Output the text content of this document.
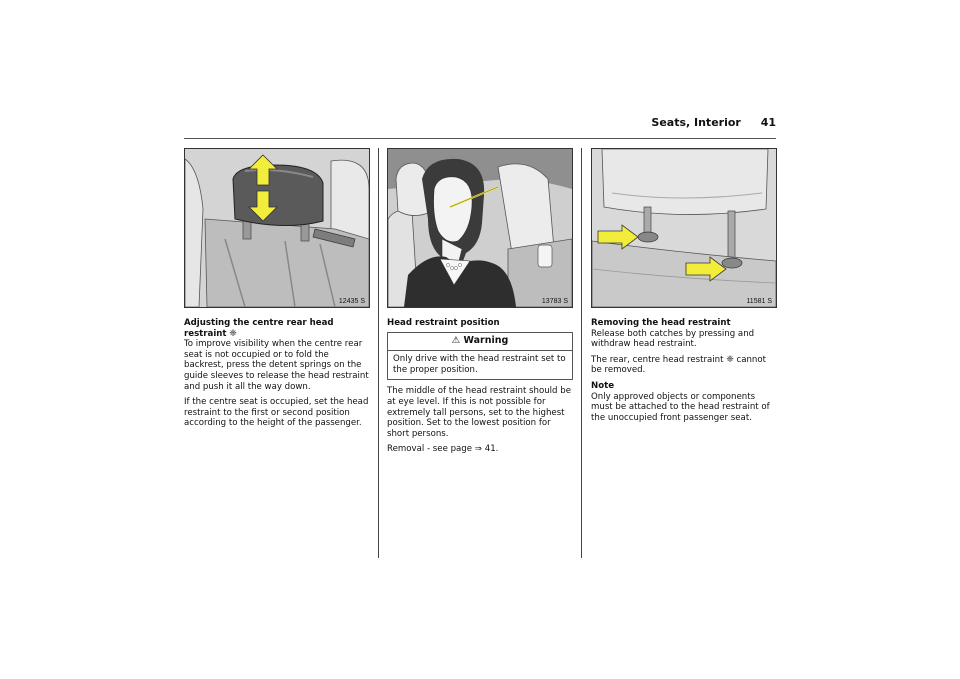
Seats, Interior 41
12435 S	13783 S	11581 S

Adjusting the centre rear head restraint ❈

To improve visibility when the centre rear seat is not occupied or to fold the backrest, press the detent springs on the guide sleeves to release the head restraint and push it all the way down.

If the centre seat is occupied, set the head restraint to the first or second position according to the height of the passenger.

Head restraint position

⚠ Warning
Only drive with the head restraint set to the proper position.

The middle of the head restraint should be at eye level. If this is not possible for extremely tall persons, set to the highest position. Set to the lowest position for short persons.

Removal - see page ⇒ 41.

Removing the head restraint

Release both catches by pressing and withdraw head restraint.

The rear, centre head restraint ❈ cannot be removed.

Note

Only approved objects or components must be attached to the head restraint of the unoccupied front passenger seat.
